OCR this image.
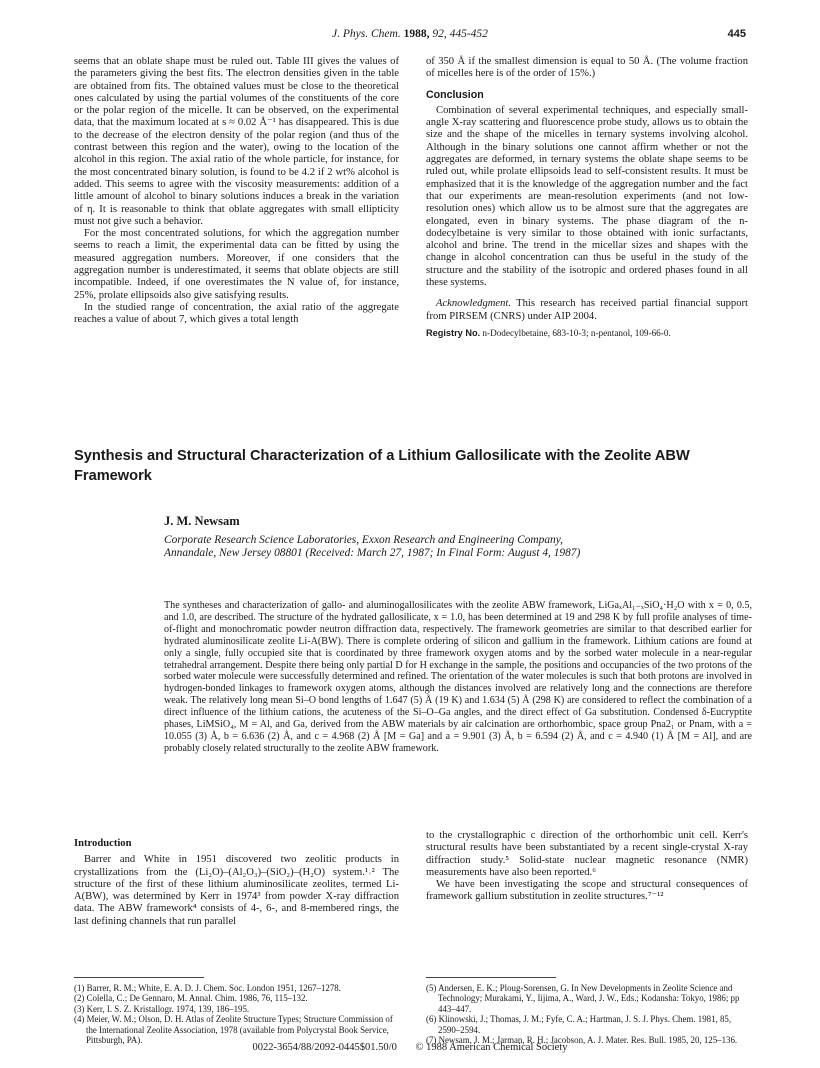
J. Phys. Chem. 1988, 92, 445-452	445

seems that an oblate shape must be ruled out. Table III gives the values of the parameters giving the best fits. The electron densities given in the table are obtained from fits. The obtained values must be close to the theoretical ones calculated by using the partial volumes of the constituents of the core or the polar region of the micelle. It can be observed, on the experimental data, that the maximum located at s ≈ 0.02 Å⁻¹ has disappeared. This is due to the decrease of the electron density of the polar region (and thus of the contrast between this region and the water), owing to the location of the alcohol in this region. The axial ratio of the whole particle, for instance, for the most concentrated binary solution, is found to be 4.2 if 2 wt% alcohol is added. This seems to agree with the viscosity measurements: addition of a little amount of alcohol to binary solutions induces a break in the variation of η. It is reasonable to think that oblate aggregates with small ellipticity must not give such a behavior.

For the most concentrated solutions, for which the aggregation number seems to reach a limit, the experimental data can be fitted by using the measured aggregation numbers. Moreover, if one considers that the aggregation number is underestimated, it seems that oblate objects are still incompatible. Indeed, if one overestimates the N value of, for instance, 25%, prolate ellipsoids also give satisfying results.

In the studied range of concentration, the axial ratio of the aggregate reaches a value of about 7, which gives a total length

of 350 Å if the smallest dimension is equal to 50 Å. (The volume fraction of micelles here is of the order of 15%.)

Conclusion

Combination of several experimental techniques, and especially small-angle X-ray scattering and fluorescence probe study, allows us to obtain the size and the shape of the micelles in ternary systems involving alcohol. Although in the binary solutions one cannot affirm whether or not the aggregates are deformed, in ternary systems the oblate shape seems to be ruled out, while prolate ellipsoids lead to self-consistent results. It must be emphasized that it is the knowledge of the aggregation number and the fact that our experiments are mean-resolution experiments (and not low-resolution ones) which allow us to be almost sure that the aggregates are elongated, even in binary systems. The phase diagram of the n-dodecylbetaine is very similar to those obtained with ionic surfactants, alcohol and brine. The trend in the micellar sizes and shapes with the change in alcohol concentration can thus be useful in the study of the structure and the stability of the isotropic and ordered phases found in all these systems.

Acknowledgment. This research has received partial financial support from PIRSEM (CNRS) under AIP 2004.

Registry No. n-Dodecylbetaine, 683-10-3; n-pentanol, 109-66-0.

Synthesis and Structural Characterization of a Lithium Gallosilicate with the Zeolite ABW Framework
J. M. Newsam
Corporate Research Science Laboratories, Exxon Research and Engineering Company,
Annandale, New Jersey 08801 (Received: March 27, 1987; In Final Form: August 4, 1987)
The syntheses and characterization of gallo- and aluminogallosilicates with the zeolite ABW framework, LiGaₓAl₁₋ₓSiO₄·H₂O with x = 0, 0.5, and 1.0, are described. The structure of the hydrated gallosilicate, x = 1.0, has been determined at 19 and 298 K by full profile analyses of time-of-flight and monochromatic powder neutron diffraction data, respectively. The framework geometries are similar to that described earlier for hydrated aluminosilicate zeolite Li-A(BW). There is complete ordering of silicon and gallium in the framework. Lithium cations are found at only a single, fully occupied site that is coordinated by three framework oxygen atoms and by the sorbed water molecule in a near-regular tetrahedral arrangement. Despite there being only partial D for H exchange in the sample, the positions and occupancies of the two protons of the sorbed water molecule were successfully determined and refined. The orientation of the water molecules is such that both protons are involved in hydrogen-bonded linkages to framework oxygen atoms, although the distances involved are relatively long and the connections are therefore weak. The relatively long mean Si–O bond lengths of 1.647 (5) Å (19 K) and 1.634 (5) Å (298 K) are considered to reflect the combination of a direct influence of the lithium cations, the acuteness of the Si–O–Ga angles, and the direct effect of Ga substitution. Condensed δ-Eucryptite phases, LiMSiO₄, M = Al, and Ga, derived from the ABW materials by air calcination are orthorhombic, space group Pna2₁ or Pnam, with a = 10.055 (3) Å, b = 6.636 (2) Å, and c = 4.968 (2) Å [M = Ga] and a = 9.901 (3) Å, b = 6.594 (2) Å, and c = 4.940 (1) Å [M = Al], and are probably closely related structurally to the zeolite ABW framework.
Introduction

Barrer and White in 1951 discovered two zeolitic products in crystallizations from the (Li₂O)–(Al₂O₃)–(SiO₂)–(H₂O) system.¹˒² The structure of the first of these lithium aluminosilicate zeolites, termed Li-A(BW), was determined by Kerr in 1974³ from powder X-ray diffraction data. The ABW framework⁴ consists of 4-, 6-, and 8-membered rings, the last defining channels that run parallel

to the crystallographic c direction of the orthorhombic unit cell. Kerr's structural results have been substantiated by a recent single-crystal X-ray diffraction study.⁵ Solid-state nuclear magnetic resonance (NMR) measurements have also been reported.⁶

We have been investigating the scope and structural consequences of framework gallium substitution in zeolite structures.⁷⁻¹²

(1) Barrer, R. M.; White, E. A. D. J. Chem. Soc. London 1951, 1267–1278.
(2) Colella, C.; De Gennaro, M. Annal. Chim. 1986, 76, 115–132.
(3) Kerr, I. S. Z. Kristallogr. 1974, 139, 186–195.
(4) Meier, W. M.; Olson, D. H. Atlas of Zeolite Structure Types; Structure Commission of the International Zeolite Association, 1978 (available from Polycrystal Book Service, Pittsburgh, PA).
(5) Andersen, E. K.; Ploug-Sorensen, G. In New Developments in Zeolite Science and Technology; Murakami, Y., Iijima, A., Ward, J. W., Eds.; Kodansha: Tokyo, 1986; pp 443–447.
(6) Klinowski, J.; Thomas, J. M.; Fyfe, C. A.; Hartman, J. S. J. Phys. Chem. 1981, 85, 2590–2594.
(7) Newsam, J. M.; Jarman, R. H.; Jacobson, A. J. Mater. Res. Bull. 1985, 20, 125–136.
0022-3654/88/2092-0445$01.50/0 © 1988 American Chemical Society
